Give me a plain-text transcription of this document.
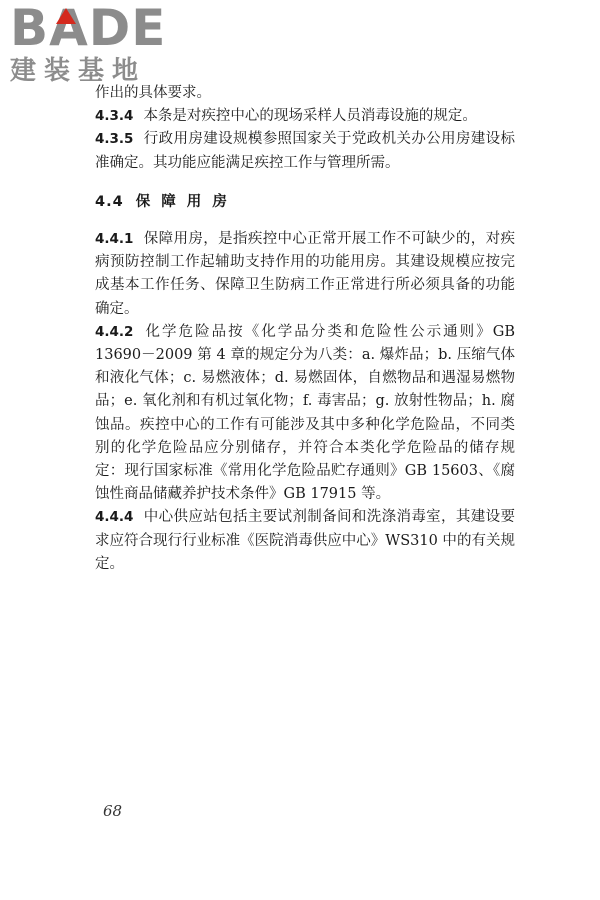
BADE
建装基地

作出的具体要求。

4.3.4 本条是对疾控中心的现场采样人员消毒设施的规定。

4.3.5 行政用房建设规模参照国家关于党政机关办公用房建设标准确定。其功能应能满足疾控工作与管理所需。

4.4 保 障 用 房

4.4.1 保障用房，是指疾控中心正常开展工作不可缺少的，对疾病预防控制工作起辅助支持作用的功能用房。其建设规模应按完成基本工作任务、保障卫生防病工作正常进行所必须具备的功能确定。

4.4.2 化学危险品按《化学品分类和危险性公示通则》GB 13690－2009 第 4 章的规定分为八类：a. 爆炸品；b. 压缩气体和液化气体；c. 易燃液体；d. 易燃固体，自燃物品和遇湿易燃物品；e. 氧化剂和有机过氧化物；f. 毒害品；g. 放射性物品；h. 腐蚀品。疾控中心的工作有可能涉及其中多种化学危险品，不同类别的化学危险品应分别储存，并符合本类化学危险品的储存规定：现行国家标准《常用化学危险品贮存通则》GB 15603、《腐蚀性商品储藏养护技术条件》GB 17915 等。

4.4.4 中心供应站包括主要试剂制备间和洗涤消毒室，其建设要求应符合现行行业标准《医院消毒供应中心》WS310 中的有关规定。

68
